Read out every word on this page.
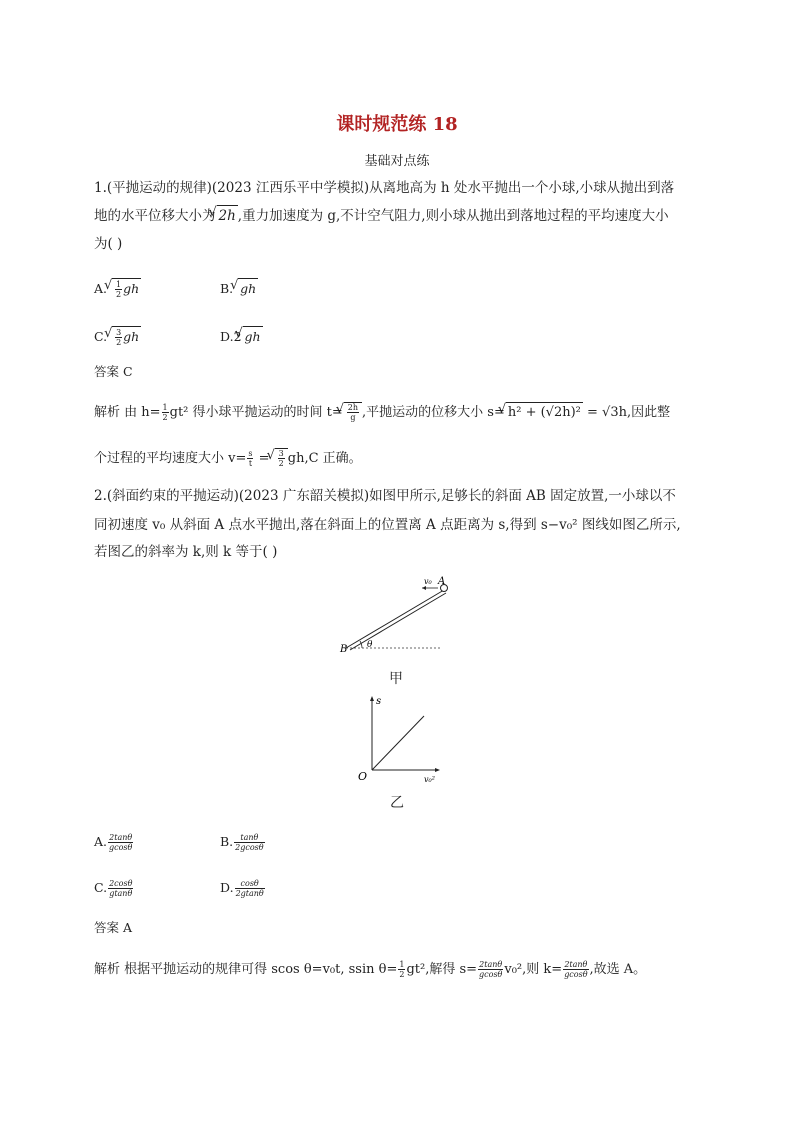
课时规范练 18
基础对点练
1.(平抛运动的规律)(2023 江西乐平中学模拟)从离地高为 h 处水平抛出一个小球,小球从抛出到落
地的水平位移大小为 √ 2h ,重力加速度为 g,不计空气阻力,则小球从抛出到落地过程的平均速度大小
为( )
A. √ $\frac{1}{2}$ gh	B. √ gh
C. √ $\frac{3}{2}$ gh	D.2 √ gh
答案 C
解析 由 $h= \frac{1}{2} gt^2$ 得小球平抛运动的时间 t= √ $\frac{2h}{g}$ ,平抛运动的位移大小 s= √ h² + (√2h)² = √3h,因此整
个过程的平均速度大小 $v= \frac{s}{t}$ = √ $\frac{3}{2} gh,C$ 正确。
2.(斜面约束的平抛运动)(2023 广东韶关模拟)如图甲所示,足够长的斜面 AB 固定放置,一小球以不
同初速度 v₀ 从斜面 A 点水平抛出,落在斜面上的位置离 A 点距离为 s,得到 s−v₀² 图线如图乙所示,
若图乙的斜率为 k,则 k 等于( )
A
B
v₀
θ
甲
s
O	v₀²
乙
A. $\frac{2\tan\theta}{gcos\theta}$	B. $\frac{\tan\theta}{2gcos\theta}$
C. $\frac{2\cos\theta}{gtan\theta}$	D. $\frac{\cos\theta}{2gtan\theta}$
答案 A
解析 根据平抛运动的规律可得 scos θ=v₀t, ssin $\theta= \frac{1}{2} gt^2$,解得 $s= \frac{2\tan\theta}{gcos\theta} v_0^2$,则 $k= \frac{2\tan\theta}{gcos\theta}$ ,故选 A。
